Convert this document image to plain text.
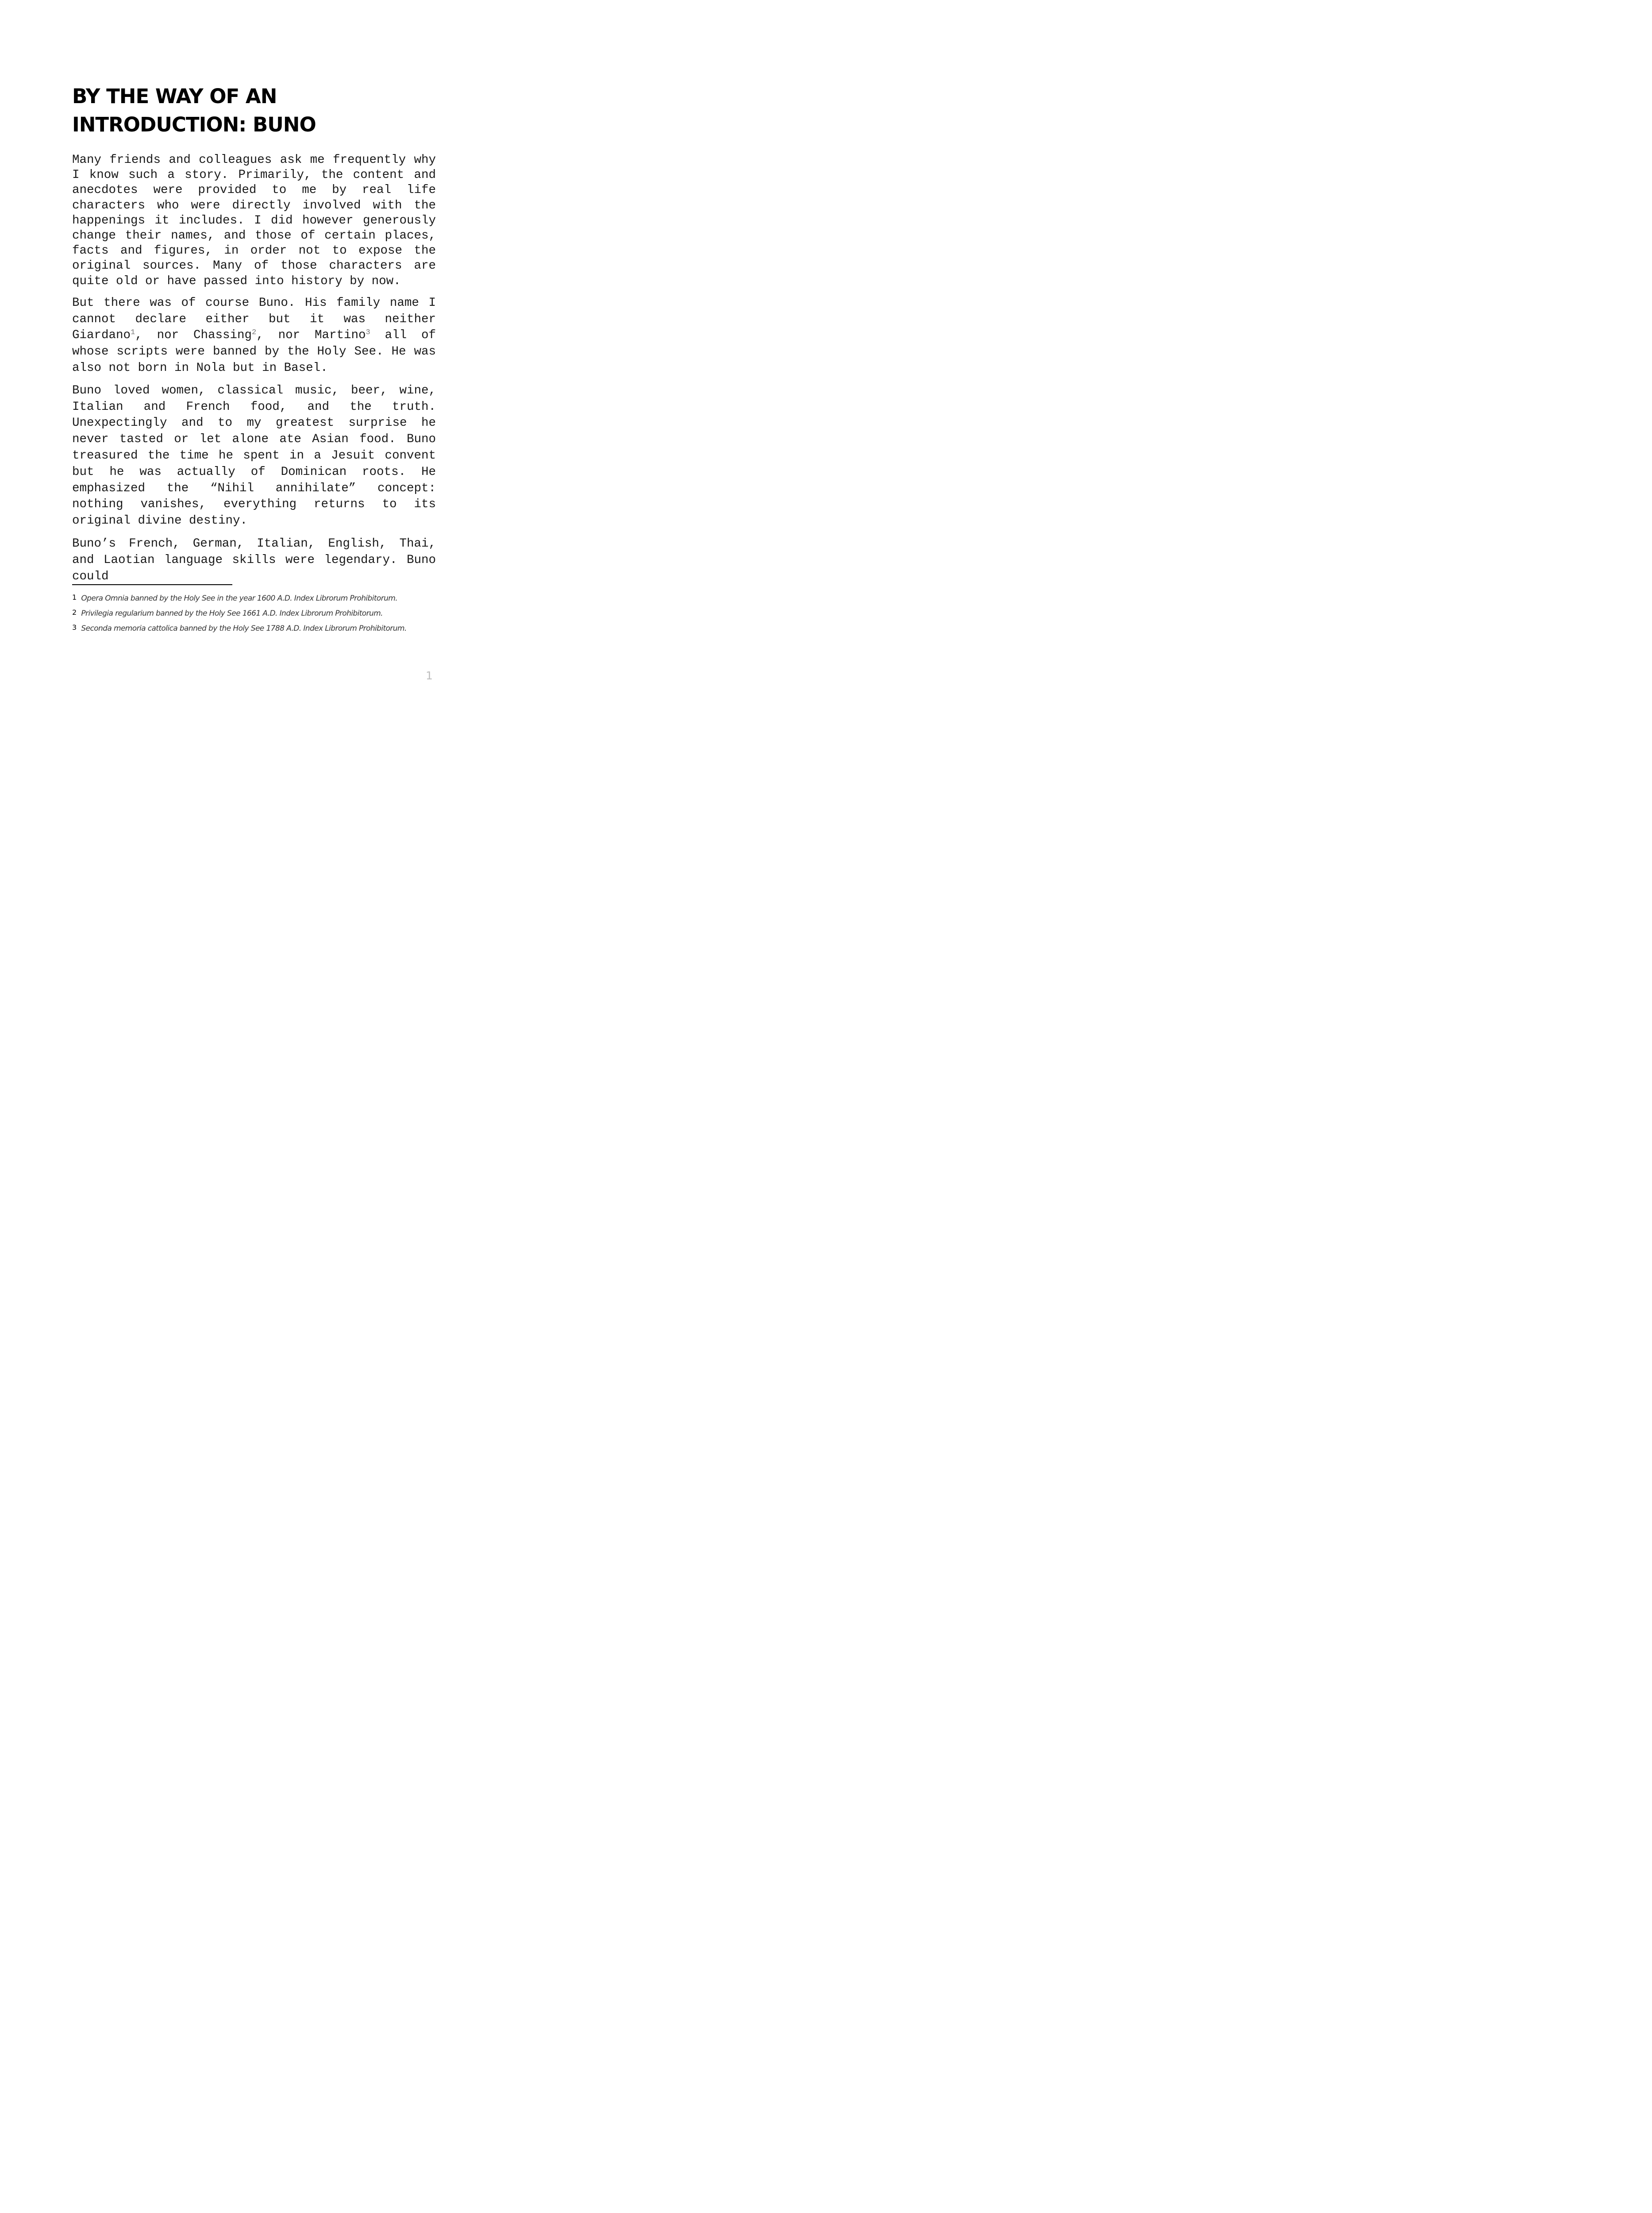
BY THE WAY OF AN
INTRODUCTION: BUNO

Many friends and colleagues ask me frequently why I know such a story. Primarily, the content and anecdotes were provided to me by real life characters who were directly involved with the happenings it includes. I did however generously change their names, and those of certain places, facts and figures, in order not to expose the original sources. Many of those characters are quite old or have passed into history by now.

But there was of course Buno. His family name I cannot declare either but it was neither Giardano$^1$, nor Chassing$^2$, nor Martino$^3$ all of whose scripts were banned by the Holy See. He was also not born in Nola but in Basel.

Buno loved women, classical music, beer, wine, Italian and French food, and the truth. Unexpectingly and to my greatest surprise he never tasted or let alone ate Asian food. Buno treasured the time he spent in a Jesuit convent but he was actually of Dominican roots. He emphasized the “Nihil annihilate” concept: nothing vanishes, everything returns to its original divine destiny.

Buno’s French, German, Italian, English, Thai, and Laotian language skills were legendary. Buno could

1 Opera Omnia banned by the Holy See in the year 1600 A.D. Index Librorum Prohibitorum.
2 Privilegia regularium banned by the Holy See 1661 A.D. Index Librorum Prohibitorum.
3 Seconda memoria cattolica banned by the Holy See 1788 A.D. Index Librorum Prohibitorum.
1
